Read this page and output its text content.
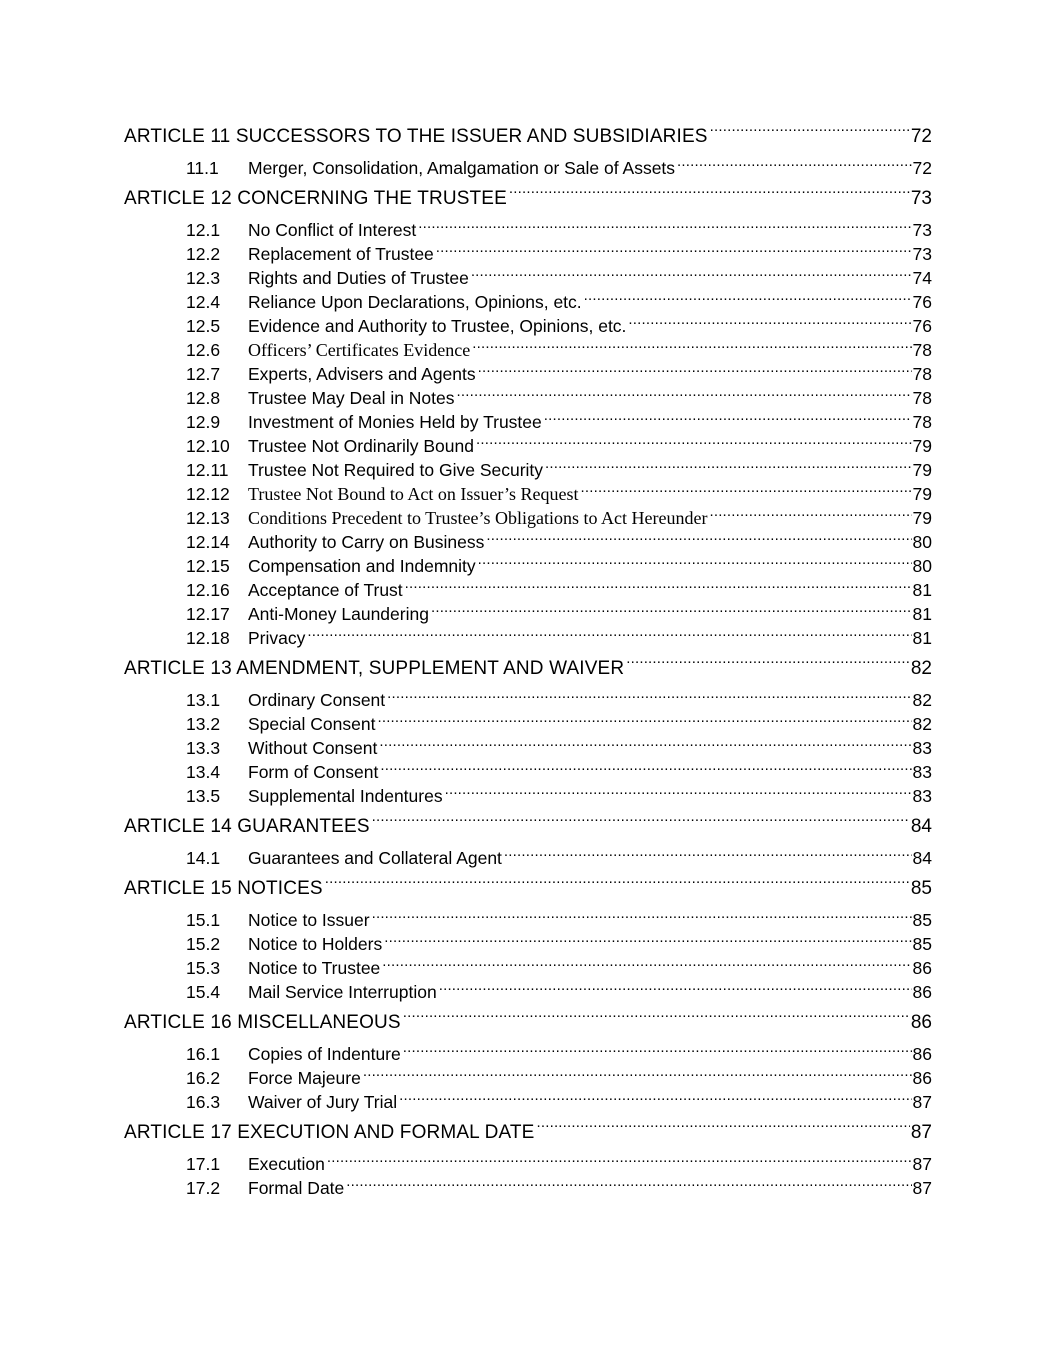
ARTICLE 11 SUCCESSORS TO THE ISSUER AND SUBSIDIARIES .....	72
11.1	Merger, Consolidation, Amalgamation or Sale of Assets .....	72
ARTICLE 12 CONCERNING THE TRUSTEE .....	73
12.1	No Conflict of Interest .....	73
12.2	Replacement of Trustee .....	73
12.3	Rights and Duties of Trustee .....	74
12.4	Reliance Upon Declarations, Opinions, etc. .....	76
12.5	Evidence and Authority to Trustee, Opinions, etc. .....	76
12.6	Officers’ Certificates Evidence .....	78
12.7	Experts, Advisers and Agents .....	78
12.8	Trustee May Deal in Notes .....	78
12.9	Investment of Monies Held by Trustee .....	78
12.10	Trustee Not Ordinarily Bound .....	79
12.11	Trustee Not Required to Give Security .....	79
12.12	Trustee Not Bound to Act on Issuer’s Request .....	79
12.13	Conditions Precedent to Trustee’s Obligations to Act Hereunder .....	79
12.14	Authority to Carry on Business .....	80
12.15	Compensation and Indemnity .....	80
12.16	Acceptance of Trust .....	81
12.17	Anti-Money Laundering .....	81
12.18	Privacy .....	81
ARTICLE 13 AMENDMENT, SUPPLEMENT AND WAIVER .....	82
13.1	Ordinary Consent .....	82
13.2	Special Consent .....	82
13.3	Without Consent .....	83
13.4	Form of Consent .....	83
13.5	Supplemental Indentures .....	83
ARTICLE 14 GUARANTEES .....	84
14.1	Guarantees and Collateral Agent .....	84
ARTICLE 15 NOTICES .....	85
15.1	Notice to Issuer .....	85
15.2	Notice to Holders .....	85
15.3	Notice to Trustee .....	86
15.4	Mail Service Interruption .....	86
ARTICLE 16 MISCELLANEOUS .....	86
16.1	Copies of Indenture .....	86
16.2	Force Majeure .....	86
16.3	Waiver of Jury Trial .....	87
ARTICLE 17 EXECUTION AND FORMAL DATE .....	87
17.1	Execution .....	87
17.2	Formal Date .....	87
